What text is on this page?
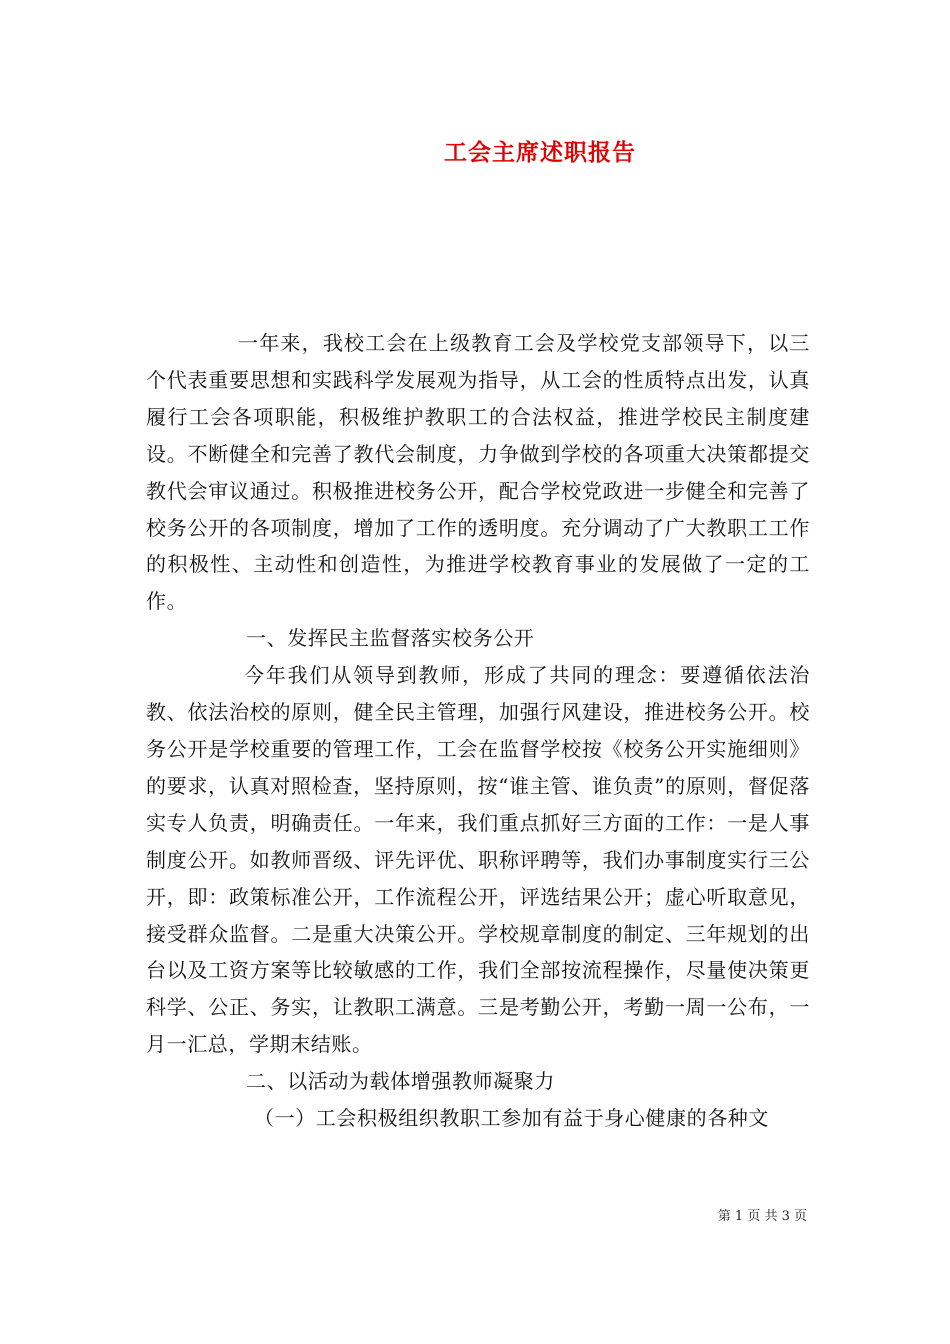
工会主席述职报告

一年来，我校工会在上级教育工会及学校党支部领导下，以三个代表重要思想和实践科学发展观为指导，从工会的性质特点出发，认真履行工会各项职能，积极维护教职工的合法权益，推进学校民主制度建设。不断健全和完善了教代会制度，力争做到学校的各项重大决策都提交教代会审议通过。积极推进校务公开，配合学校党政进一步健全和完善了校务公开的各项制度，增加了工作的透明度。充分调动了广大教职工工作的积极性、主动性和创造性，为推进学校教育事业的发展做了一定的工作。

一、发挥民主监督落实校务公开

今年我们从领导到教师，形成了共同的理念：要遵循依法治教、依法治校的原则，健全民主管理，加强行风建设，推进校务公开。校务公开是学校重要的管理工作，工会在监督学校按《校务公开实施细则》的要求，认真对照检查，坚持原则，按“谁主管、谁负责”的原则，督促落实专人负责，明确责任。一年来，我们重点抓好三方面的工作：一是人事制度公开。如教师晋级、评先评优、职称评聘等，我们办事制度实行三公开，即：政策标准公开，工作流程公开，评选结果公开；虚心听取意见，接受群众监督。二是重大决策公开。学校规章制度的制定、三年规划的出台以及工资方案等比较敏感的工作，我们全部按流程操作，尽量使决策更科学、公正、务实，让教职工满意。三是考勤公开，考勤一周一公布，一月一汇总，学期末结账。

二、以活动为载体增强教师凝聚力

（一）工会积极组织教职工参加有益于身心健康的各种文

第 1 页 共 3 页
